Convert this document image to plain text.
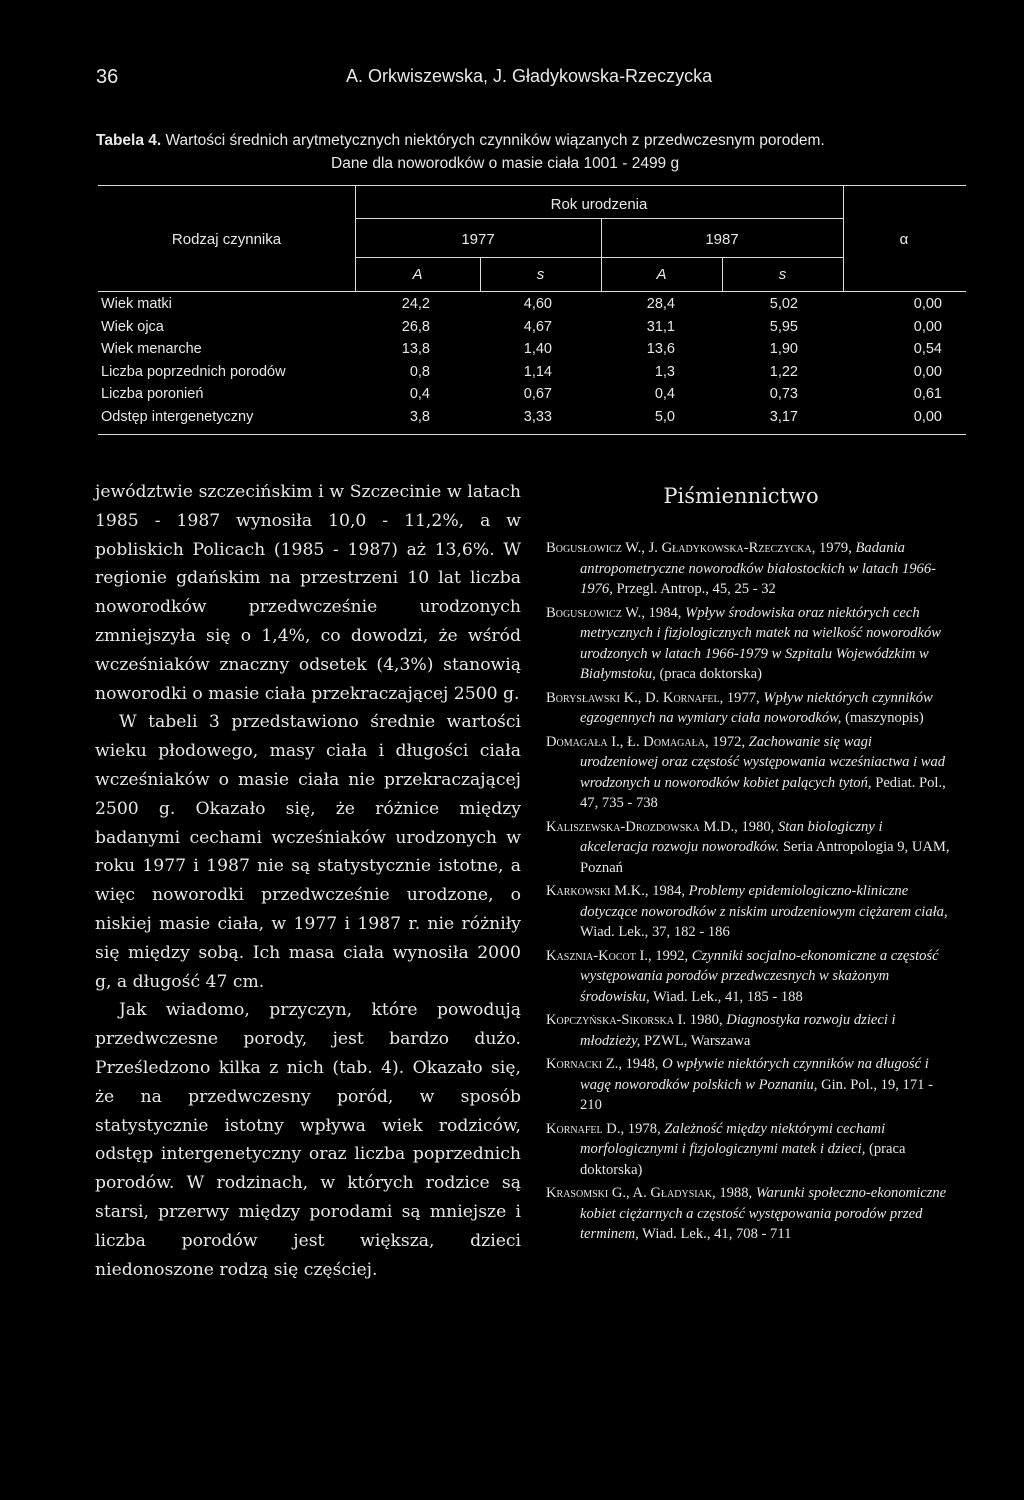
36	A. Orkwiszewska, J. Gładykowska-Rzeczycka
Tabela 4. Wartości średnich arytmetycznych niektórych czynników wiązanych z przedwczesnym porodem.
Dane dla noworodków o masie ciała 1001 - 2499 g
Rodzaj czynnika
Rok urodzenia
1977	1987	α
A	s	A	s
Wiek matki	24,2	4,60	28,4	5,02	0,00
Wiek ojca	26,8	4,67	31,1	5,95	0,00
Wiek menarche	13,8	1,40	13,6	1,90	0,54
Liczba poprzednich porodów	0,8	1,14	1,3	1,22	0,00
Liczba poronień	0,4	0,67	0,4	0,73	0,61
Odstęp intergenetyczny	3,8	3,33	5,0	3,17	0,00

jewództwie szczecińskim i w Szczecinie w latach 1985 - 1987 wynosiła 10,0 - 11,2%, a w pobliskich Policach (1985 - 1987) aż 13,6%. W regionie gdańskim na przestrzeni 10 lat liczba noworodków przedwcześnie urodzonych zmniejszyła się o 1,4%, co dowodzi, że wśród wcześniaków znaczny odsetek (4,3%) stanowią noworodki o masie ciała przekraczającej 2500 g.

W tabeli 3 przedstawiono średnie wartości wieku płodowego, masy ciała i długości ciała wcześniaków o masie ciała nie przekraczającej 2500 g. Okazało się, że różnice między badanymi cechami wcześniaków urodzonych w roku 1977 i 1987 nie są statystycznie istotne, a więc noworodki przedwcześnie urodzone, o niskiej masie ciała, w 1977 i 1987 r. nie różniły się między sobą. Ich masa ciała wynosiła 2000 g, a długość 47 cm.

Jak wiadomo, przyczyn, które powodują przedwczesne porody, jest bardzo dużo. Prześledzono kilka z nich (tab. 4). Okazało się, że na przedwczesny poród, w sposób statystycznie istotny wpływa wiek rodziców, odstęp intergenetyczny oraz liczba poprzednich porodów. W rodzinach, w których rodzice są starsi, przerwy między porodami są mniejsze i liczba porodów jest większa, dzieci niedonoszone rodzą się częściej.

Piśmiennictwo
Bogusłowicz W., J. Gładykowska-Rzeczycka, 1979, Badania antropometryczne noworodków białostockich w latach 1966-1976, Przegl. Antrop., 45, 25 - 32
Bogusłowicz W., 1984, Wpływ środowiska oraz niektórych cech metrycznych i fizjologicznych matek na wielkość noworodków urodzonych w latach 1966-1979 w Szpitalu Wojewódzkim w Białymstoku, (praca doktorska)
Borysławski K., D. Kornafel, 1977, Wpływ niektórych czynników egzogennych na wymiary ciała noworodków, (maszynopis)
Domagała I., Ł. Domagała, 1972, Zachowanie się wagi urodzeniowej oraz częstość występowania wcześniactwa i wad wrodzonych u noworodków kobiet palących tytoń, Pediat. Pol., 47, 735 - 738
Kaliszewska-Drozdowska M.D., 1980, Stan biologiczny i akceleracja rozwoju noworodków. Seria Antropologia 9, UAM, Poznań
Karkowski M.K., 1984, Problemy epidemiologiczno-kliniczne dotyczące noworodków z niskim urodzeniowym ciężarem ciała, Wiad. Lek., 37, 182 - 186
Kasznia-Kocot I., 1992, Czynniki socjalno-ekonomiczne a częstość występowania porodów przedwczesnych w skażonym środowisku, Wiad. Lek., 41, 185 - 188
Kopczyńska-Sikorska I. 1980, Diagnostyka rozwoju dzieci i młodzieży, PZWL, Warszawa
Kornacki Z., 1948, O wpływie niektórych czynników na długość i wagę noworodków polskich w Poznaniu, Gin. Pol., 19, 171 - 210
Kornafel D., 1978, Zależność między niektórymi cechami morfologicznymi i fizjologicznymi matek i dzieci, (praca doktorska)
Krasomski G., A. Gładysiak, 1988, Warunki społeczno-ekonomiczne kobiet ciężarnych a częstość występowania porodów przed terminem, Wiad. Lek., 41, 708 - 711
